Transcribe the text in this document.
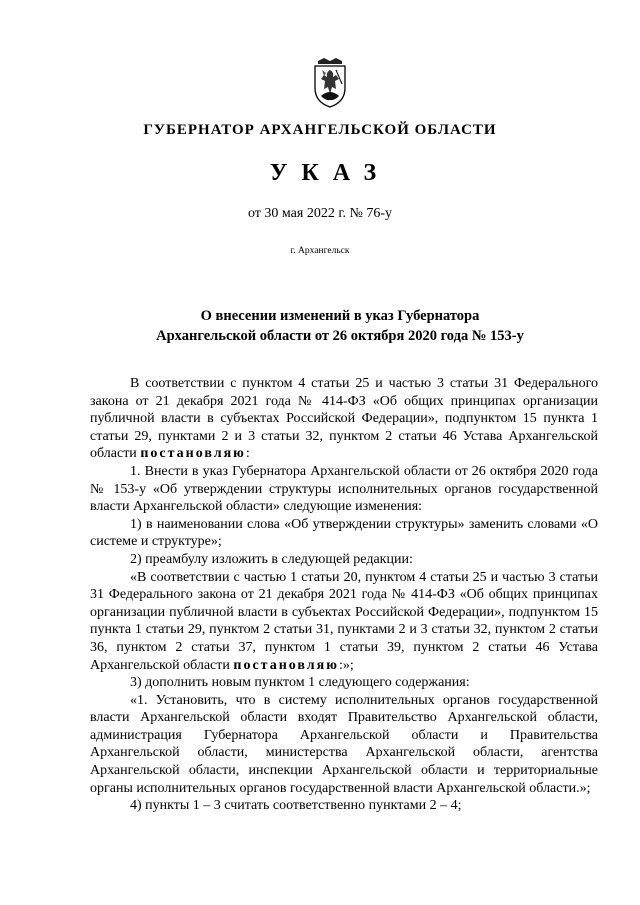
ГУБЕРНАТОР АРХАНГЕЛЬСКОЙ ОБЛАСТИ
УКАЗ
от 30 мая 2022 г. № 76-у
г. Архангельск
О внесении изменений в указ Губернатора
Архангельской области от 26 октября 2020 года № 153-у

В соответствии с пунктом 4 статьи 25 и частью 3 статьи 31 Федерального закона от 21 декабря 2021 года № 414-ФЗ «Об общих принципах организации публичной власти в субъектах Российской Федерации», подпунктом 15 пункта 1 статьи 29, пунктами 2 и 3 статьи 32, пунктом 2 статьи 46 Устава Архангельской области постановляю:

1. Внести в указ Губернатора Архангельской области от 26 октября 2020 года № 153-у «Об утверждении структуры исполнительных органов государственной власти Архангельской области» следующие изменения:

1) в наименовании слова «Об утверждении структуры» заменить словами «О системе и структуре»;

2) преамбулу изложить в следующей редакции:

«В соответствии с частью 1 статьи 20, пунктом 4 статьи 25 и частью 3 статьи 31 Федерального закона от 21 декабря 2021 года № 414-ФЗ «Об общих принципах организации публичной власти в субъектах Российской Федерации», подпунктом 15 пункта 1 статьи 29, пунктом 2 статьи 31, пунктами 2 и 3 статьи 32, пунктом 2 статьи 36, пунктом 2 статьи 37, пунктом 1 статьи 39, пунктом 2 статьи 46 Устава Архангельской области постановляю:»;

3) дополнить новым пунктом 1 следующего содержания:

«1. Установить, что в систему исполнительных органов государственной власти Архангельской области входят Правительство Архангельской области, администрация Губернатора Архангельской области и Правительства Архангельской области, министерства Архангельской области, агентства Архангельской области, инспекции Архангельской области и территориальные органы исполнительных органов государственной власти Архангельской области.»;

4) пункты 1 – 3 считать соответственно пунктами 2 – 4;
